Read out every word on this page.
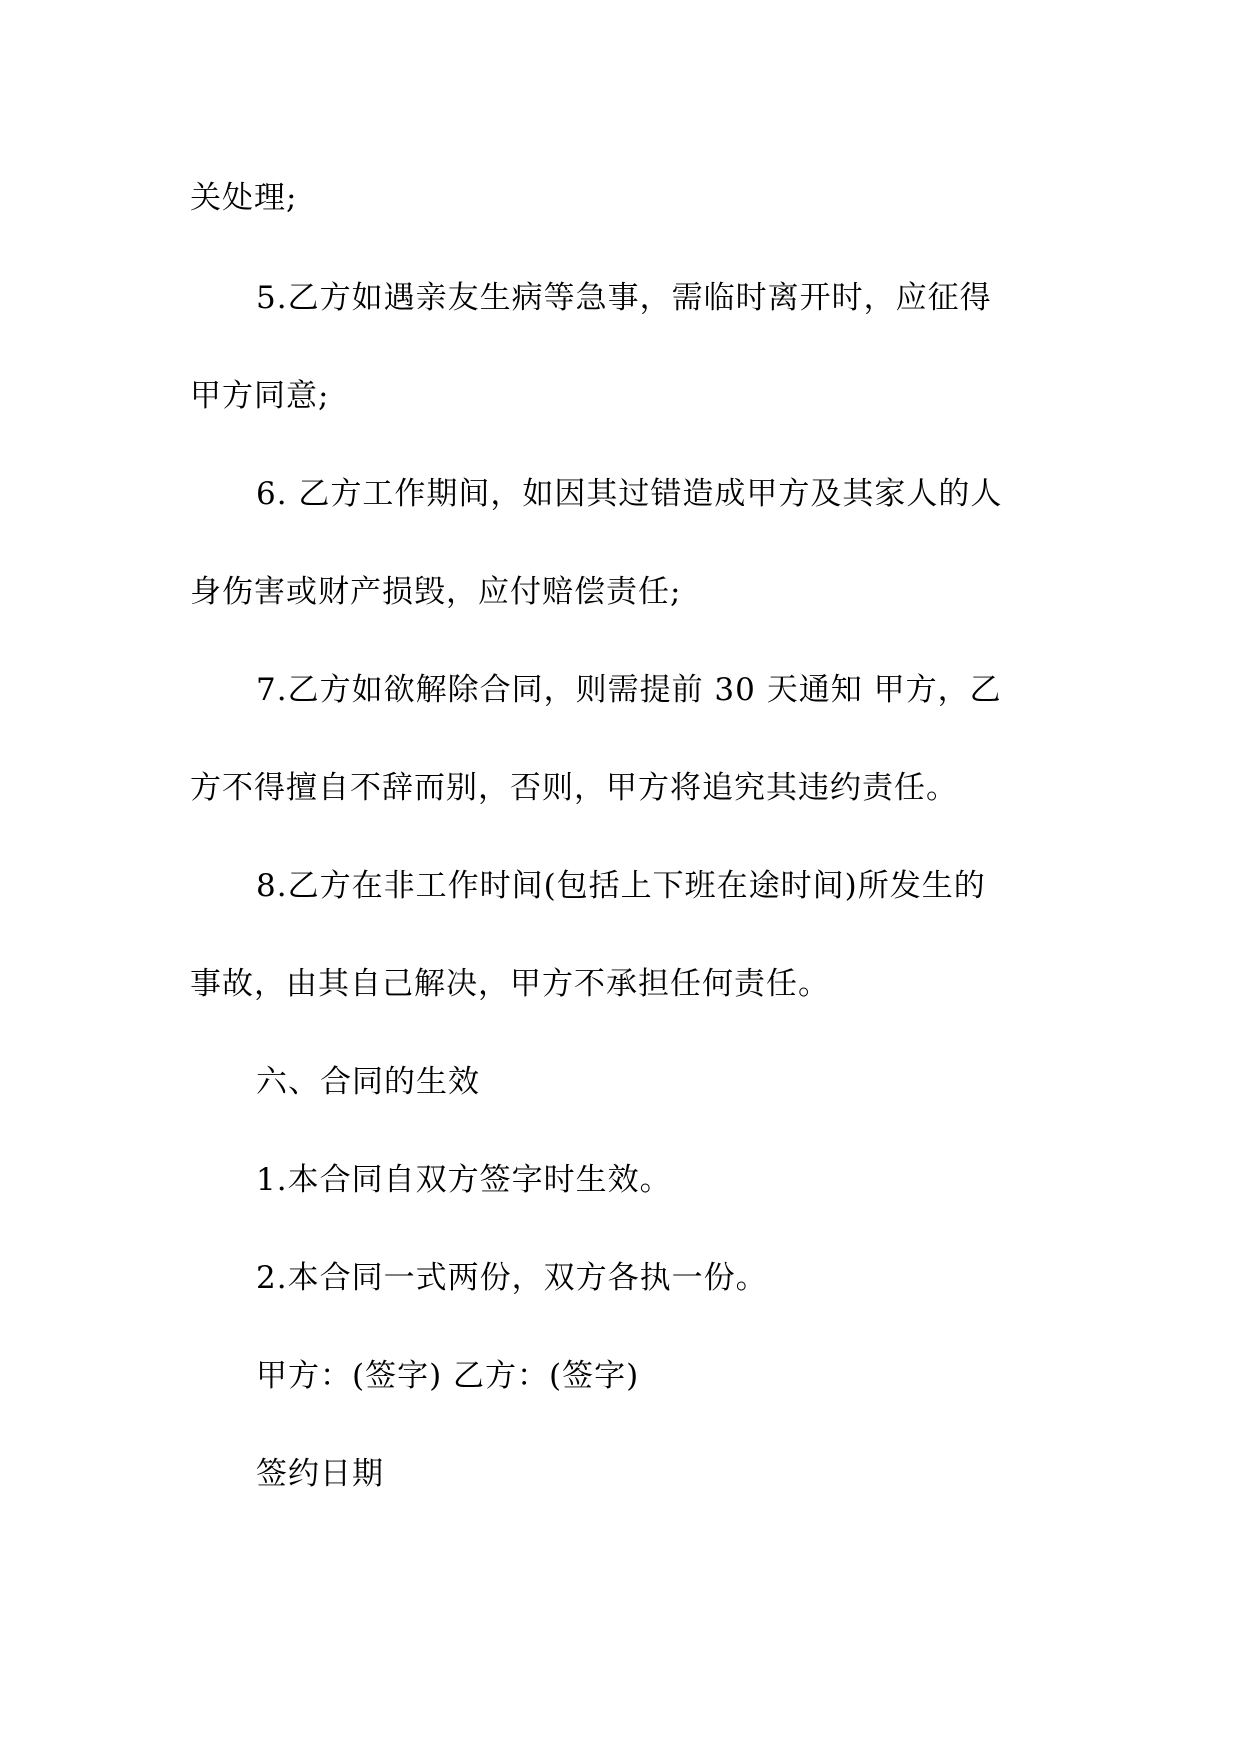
关处理;
5.乙方如遇亲友生病等急事，需临时离开时，应征得
甲方同意;
6. 乙方工作期间，如因其过错造成甲方及其家人的人
身伤害或财产损毁，应付赔偿责任;
7.乙方如欲解除合同，则需提前 30 天通知 甲方，乙
方不得擅自不辞而别，否则，甲方将追究其违约责任。
8.乙方在非工作时间(包括上下班在途时间)所发生的
事故，由其自己解决，甲方不承担任何责任。
六、合同的生效
1.本合同自双方签字时生效。
2.本合同一式两份，双方各执一份。
甲方：(签字) 乙方：(签字)
签约日期
